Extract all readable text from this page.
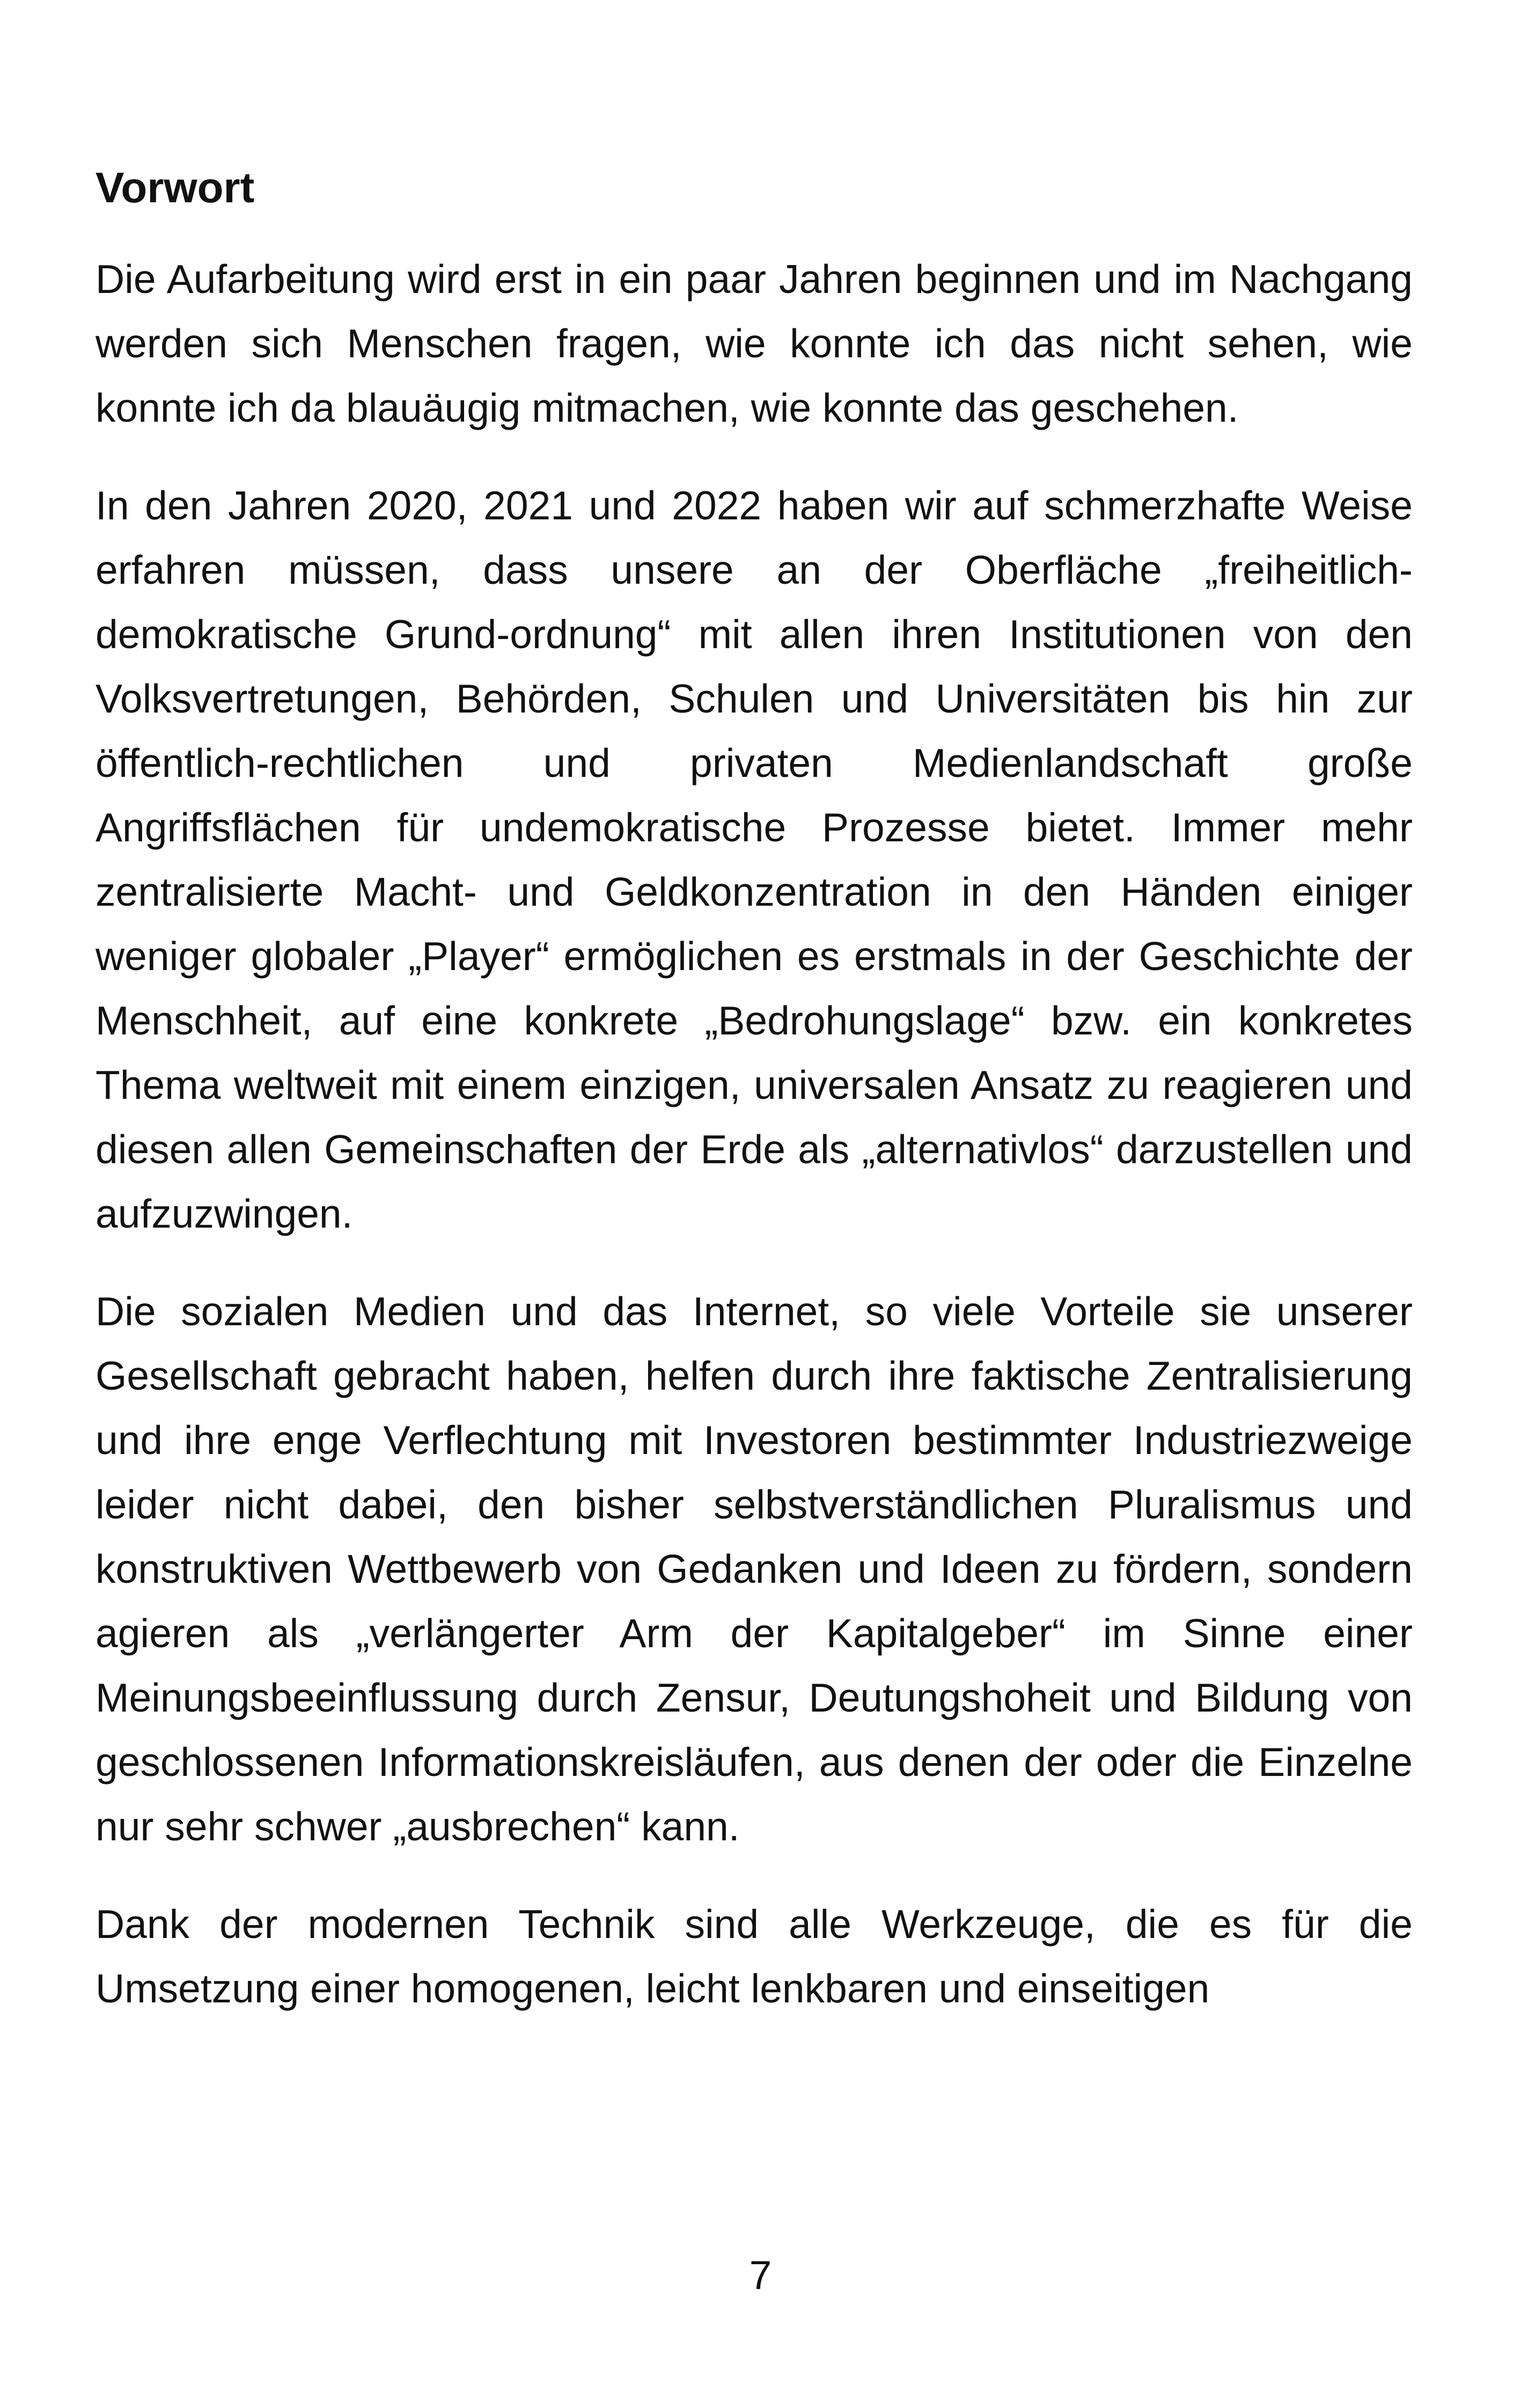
Vorwort

Die Aufarbeitung wird erst in ein paar Jahren beginnen und im Nachgang werden sich Menschen fragen, wie konnte ich das nicht sehen, wie konnte ich da blauäugig mitmachen, wie konnte das geschehen.

In den Jahren 2020, 2021 und 2022 haben wir auf schmerzhafte Weise erfahren müssen, dass unsere an der Oberfläche „freiheitlich-demokratische Grund-ordnung“ mit allen ihren Institutionen von den Volksvertretungen, Behörden, Schulen und Universitäten bis hin zur öffentlich-rechtlichen und privaten Medienlandschaft große Angriffsflächen für undemokratische Prozesse bietet. Immer mehr zentralisierte Macht- und Geldkonzentration in den Händen einiger weniger globaler „Player“ ermöglichen es erstmals in der Geschichte der Menschheit, auf eine konkrete „Bedrohungslage“ bzw. ein konkretes Thema weltweit mit einem einzigen, universalen Ansatz zu reagieren und diesen allen Gemeinschaften der Erde als „alternativlos“ darzustellen und aufzuzwingen.

Die sozialen Medien und das Internet, so viele Vorteile sie unserer Gesellschaft gebracht haben, helfen durch ihre faktische Zentralisierung und ihre enge Verflechtung mit Investoren bestimmter Industriezweige leider nicht dabei, den bisher selbstverständlichen Pluralismus und konstruktiven Wettbewerb von Gedanken und Ideen zu fördern, sondern agieren als „verlängerter Arm der Kapitalgeber“ im Sinne einer Meinungsbeeinflussung durch Zensur, Deutungshoheit und Bildung von geschlossenen Informationskreisläufen, aus denen der oder die Einzelne nur sehr schwer „ausbrechen“ kann.

Dank der modernen Technik sind alle Werkzeuge, die es für die Umsetzung einer homogenen, leicht lenkbaren und einseitigen

7
